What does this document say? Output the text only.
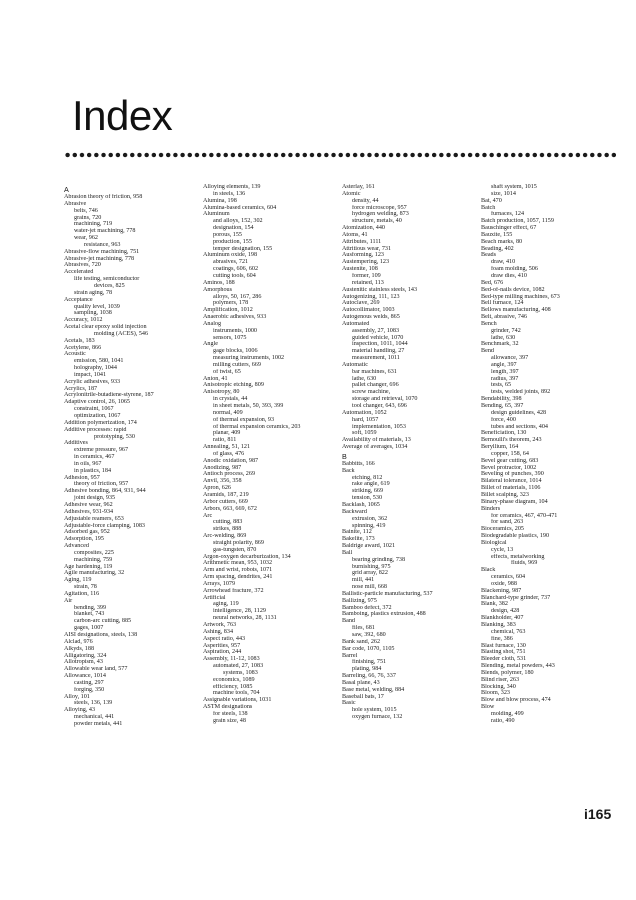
Index
A
Abrasion theory of friction, 958
Abrasive
belts, 746
grains, 720
machining, 719
water-jet machining, 778
wear, 962
resistance, 963
Abrasive-flow machining, 751
Abrasive-jet machining, 778
Abrasives, 720
Accelerated
life testing, semiconductor
devices, 825
strain aging, 78
Acceptance
quality level, 1039
sampling, 1038
Accuracy, 1012
Acetal clear epoxy solid injection
molding (ACES), 546
Acetals, 183
Acetylene, 866
Acoustic
emission, 580, 1041
holography, 1044
impact, 1041
Acrylic adhesives, 933
Acrylics, 187
Acrylonitrile-butadiene-styrene, 187
Adaptive control, 26, 1065
constraint, 1067
optimization, 1067
Addition polymerization, 174
Additive processes: rapid
prototyping, 530
Additives
extreme pressure, 967
in ceramics, 467
in oils, 967
in plastics, 184
Adhesion, 957
theory of friction, 957
Adhesive bonding, 864, 931, 944
joint design, 935
Adhesive wear, 962
Adhesives, 931-934
Adjustable reamers, 653
Adjustable-force clamping, 1083
Adsorbed gas, 952
Adsorption, 195
Advanced
composites, 225
machining, 759
Age hardening, 119
Agile manufacturing, 32
Aging, 119
strain, 78
Agitation, 116
Air
bending, 399
blanket, 743
carbon-arc cutting, 885
gages, 1007
AISI designations, steels, 138
Alclad, 976
Alkyds, 188
Alligatoring, 324
Allotropism, 43
Allowable wear land, 577
Allowance, 1014
casting, 297
forging, 350
Alloy, 101
steels, 136, 139
Alloying, 43
mechanical, 441
powder metals, 441
Alloying elements, 139
in steels, 136
Alumina, 198
Alumina-based ceramics, 604
Aluminum
and alloys, 152, 302
designation, 154
porous, 155
production, 155
temper designation, 155
Aluminum oxide, 198
abrasives, 721
coatings, 606, 602
cutting tools, 604
Aminos, 188
Amorphous
alloys, 50, 167, 286
polymers, 178
Amplification, 1012
Anaerobic adhesives, 933
Analog
instruments, 1000
sensors, 1075
Angle
gage blocks, 1006
measuring instruments, 1002
milling cutters, 669
of twist, 65
Anion, 41
Anisotropic etching, 809
Anisotropy, 80
in crystals, 44
in sheet metals, 50, 393, 399
normal, 409
of thermal expansion, 93
of thermal expansion ceramics, 203
planar, 409
ratio, 811
Annealing, 51, 121
of glass, 476
Anodic oxidation, 987
Anodizing, 987
Antioch process, 269
Anvil, 356, 358
Apron, 626
Aramids, 187, 219
Arbor cutters, 669
Arbors, 663, 669, 672
Arc
cutting, 883
strikes, 888
Arc-welding, 869
straight polarity, 869
gas-tungsten, 870
Argon-oxygen decarburization, 134
Arithmetic mean, 953, 1032
Arm and wrist, robots, 1071
Arm spacing, dendrites, 241
Arrays, 1079
Arrowhead fracture, 372
Artificial
aging, 119
intelligence, 28, 1129
neural networks, 28, 1131
Artwork, 763
Ashing, 834
Aspect ratio, 443
Asperities, 957
Aspiration, 244
Assembly, 11-12, 1083
automated, 27, 1083
systems, 1083
economics, 1089
efficiency, 1085
machine tools, 704
Assignable variations, 1031
ASTM designations
for steels, 138
grain size, 48
Asterlay, 161
Atomic
density, 44
force microscope, 957
hydrogen welding, 873
structure, metals, 40
Atomization, 440
Atoms, 41
Attributes, 1111
Attritious wear, 731
Ausforming, 123
Austempering, 123
Austenite, 108
former, 109
retained, 113
Austenitic stainless steels, 143
Autogenizing, 111, 123
Autoclave, 269
Autocollimator, 1003
Autogenous welds, 865
Automated
assembly, 27, 1083
guided vehicle, 1070
inspection, 1011, 1044
material handling, 27
measurement, 1011
Automatic
bar machines, 631
lathe, 630
pallet changer, 696
screw machine,
storage and retrieval, 1070
tool changer, 643, 696
Automation, 1052
hard, 1057
implementation, 1053
soft, 1059
Availability of materials, 13
Average of averages, 1034
B
Babbitts, 166
Back
etching, 812
rake angle, 619
striking, 669
tension, 530
Backlash, 1065
Backward
extrusion, 362
spinning, 419
Bainite, 112
Bakelite, 173
Baldrige award, 1021
Ball
bearing grinding, 738
burnishing, 975
grid array, 822
mill, 441
nose mill, 668
Ballistic-particle manufacturing, 537
Ballizing, 975
Bamboo defect, 372
Bamboing, plastics extrusion, 488
Band
files, 681
saw, 392, 680
Bank sand, 262
Bar code, 1070, 1105
Barrel
finishing, 751
plating, 984
Barreling, 66, 76, 337
Basal plane, 43
Base metal, welding, 884
Baseball bats, 17
Basic
hole system, 1015
oxygen furnace, 132
shaft system, 1015
size, 1014
Bat, 470
Batch
furnaces, 124
Batch production, 1057, 1159
Bauschinger effect, 67
Bauxite, 155
Beach marks, 80
Beading, 402
Beads
draw, 410
foam molding, 506
draw dies, 410
Bed, 676
Bed-of-nails device, 1082
Bed-type milling machines, 673
Bell furnace, 124
Bellows manufacturing, 408
Belt, abrasive, 746
Bench
grinder, 742
lathe, 630
Benchmark, 32
Bend
allowance, 397
angle, 397
length, 397
radius, 397
tests, 65
tests, welded joints, 892
Bendability, 398
Bending, 65, 397
design guidelines, 428
force, 400
tubes and sections, 404
Beneficiation, 130
Bernoulli's theorem, 243
Beryllium, 164
copper, 158, 64
Bevel gear cutting, 683
Bevel protractor, 1002
Beveling of punches, 390
Bilateral tolerance, 1014
Billet of materials, 1106
Billet scalping, 323
Binary-phase diagram, 104
Binders
for ceramics, 467, 470-471
for sand, 263
Bioceramics, 205
Biodegradable plastics, 190
Biological
cycle, 13
effects, metalworking
fluids, 969
Black
ceramics, 604
oxide, 988
Blackening, 987
Blanchard-type grinder, 737
Blank, 382
design, 428
Blankholder, 407
Blanking, 383
chemical, 763
fine, 386
Blast furnace, 130
Blasting shot, 751
Bleeder cloth, 531
Blending, metal powders, 443
Blends, polymer, 180
Blind riser, 263
Blocking, 340
Bloom, 323
Blow and blow process, 474
Blow
molding, 499
ratio, 490
i165
